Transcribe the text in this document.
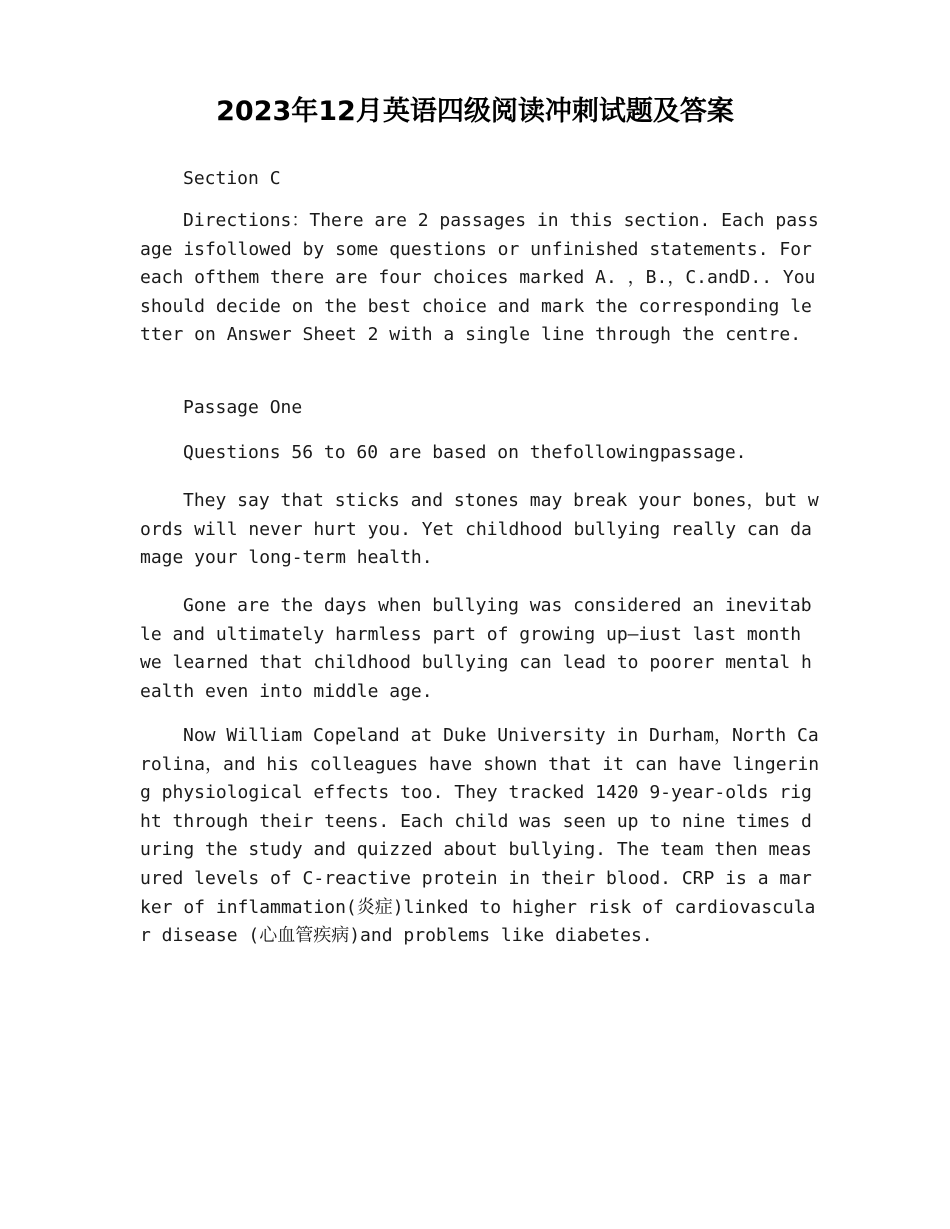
2023年12月英语四级阅读冲刺试题及答案

Section C

Directions：There are 2 passages in this section. Each passage isfollowed by some questions or unfinished statements. For each ofthem there are four choices marked A. ，B.，C.andD.. You should decide on the best choice and mark the corresponding letter on Answer Sheet 2 with a single line through the centre.

Passage One

Questions 56 to 60 are based on thefollowingpassage.

They say that sticks and stones may break your bones，but words will never hurt you. Yet childhood bullying really can damage your long-term health.

Gone are the days when bullying was considered an inevitable and ultimately harmless part of growing up—iust last month we learned that childhood bullying can lead to poorer mental health even into middle age.

Now William Copeland at Duke University in Durham，North Carolina，and his colleagues have shown that it can have lingering physiological effects too. They tracked 1420 9-year-olds right through their teens. Each child was seen up to nine times during the study and quizzed about bullying. The team then measured levels of C-reactive protein in their blood. CRP is a marker of inflammation(炎症)linked to higher risk of cardiovascular disease (心血管疾病)and problems like diabetes.
